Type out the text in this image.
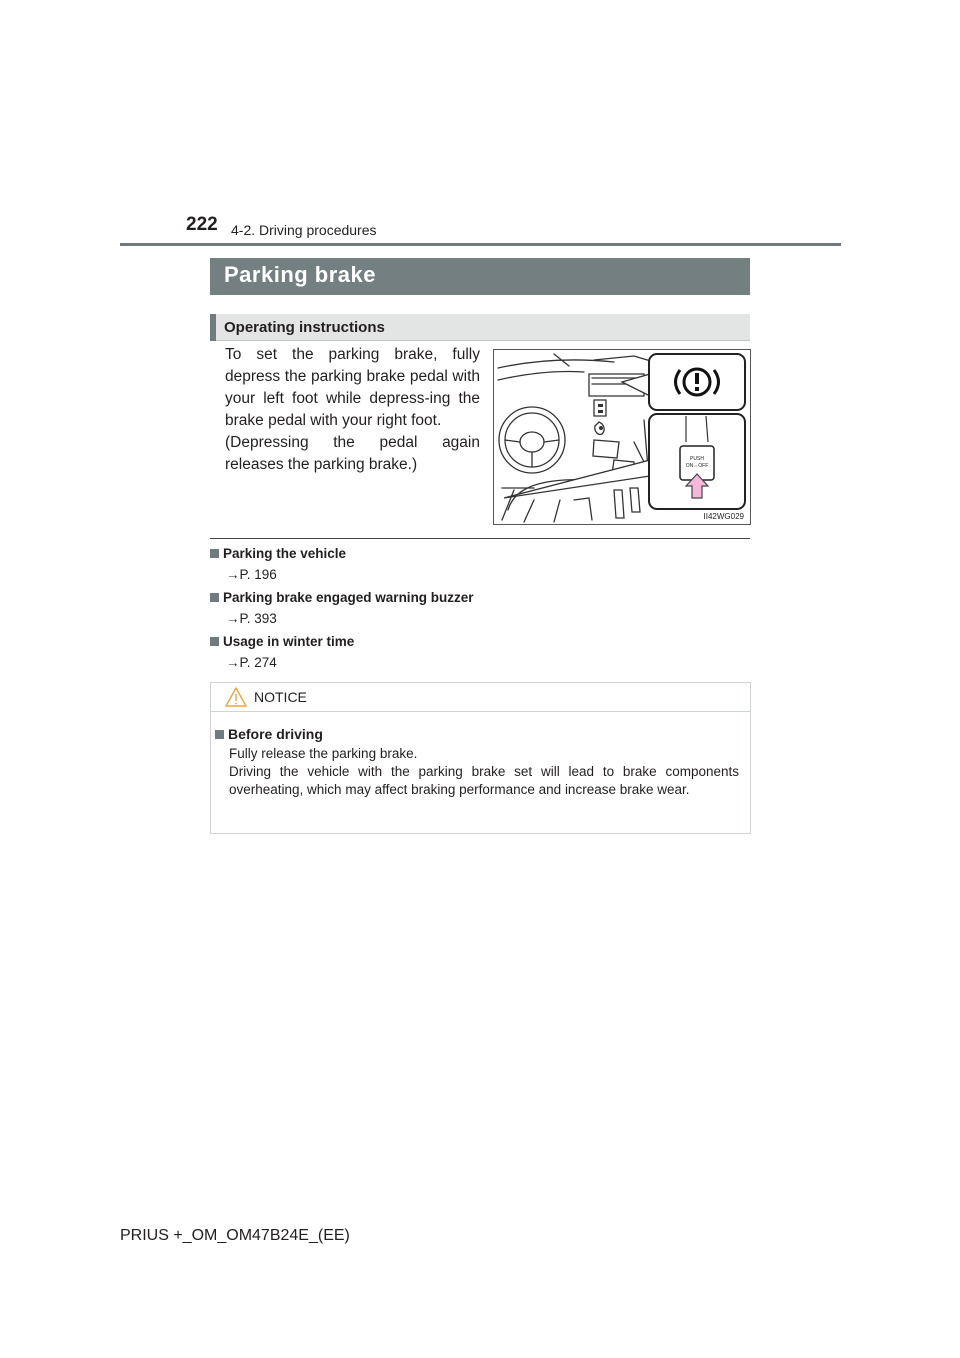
222 4-2. Driving procedures
Parking brake
Operating instructions

To set the parking brake, fully depress the parking brake pedal with your left foot while depress-ing the brake pedal with your right foot.

(Depressing the pedal again releases the parking brake.)	PUSH
ON⇔OFF
II42WG029
Parking the vehicle
→P. 196
Parking brake engaged warning buzzer
→P. 393
Usage in winter time
→P. 274
NOTICE
Before driving

Fully release the parking brake.

Driving the vehicle with the parking brake set will lead to brake components overheating, which may affect braking performance and increase brake wear.

PRIUS +_OM_OM47B24E_(EE)
